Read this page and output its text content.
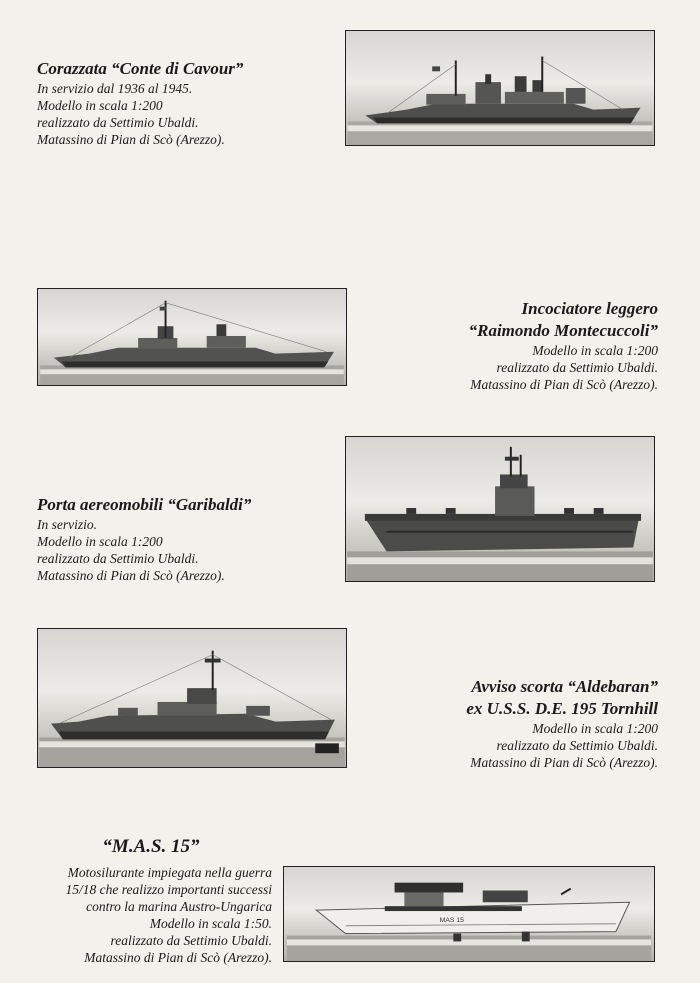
Corazzata “Conte di Cavour”
In servizio dal 1936 al 1945.
Modello in scala 1:200
realizzato da Settimio Ubaldi.
Matassino di Pian di Scò (Arezzo).
Incociatore leggero
“Raimondo Montecuccoli”
Modello in scala 1:200
realizzato da Settimio Ubaldi.
Matassino di Pian di Scò (Arezzo).
Porta aereomobili “Garibaldi”
In servizio.
Modello in scala 1:200
realizzato da Settimio Ubaldi.
Matassino di Pian di Scò (Arezzo).
Avviso scorta “Aldebaran”
ex U.S.S. D.E. 195 Tornhill
Modello in scala 1:200
realizzato da Settimio Ubaldi.
Matassino di Pian di Scò (Arezzo).
“M.A.S. 15”
Motosilurante impiegata nella guerra
15/18 che realizzo importanti successi
contro la marina Austro-Ungarica
Modello in scala 1:50.
realizzato da Settimio Ubaldi.
Matassino di Pian di Scò (Arezzo).
MAS 15
